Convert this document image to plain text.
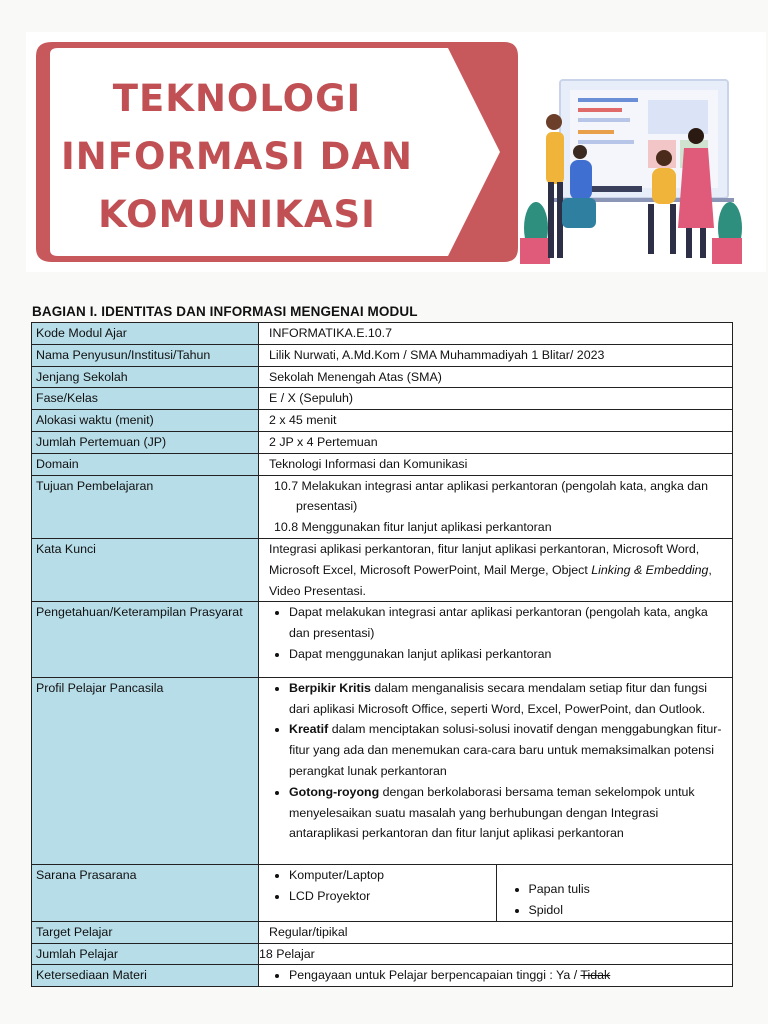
TEKNOLOGI
INFORMASI DAN
KOMUNIKASI
BAGIAN I. IDENTITAS DAN INFORMASI MENGENAI MODUL
Kode Modul Ajar	INFORMATIKA.E.10.7
Nama Penyusun/Institusi/Tahun	Lilik Nurwati, A.Md.Kom / SMA Muhammadiyah 1 Blitar/ 2023
Jenjang Sekolah	Sekolah Menengah Atas (SMA)
Fase/Kelas	E / X (Sepuluh)
Alokasi waktu (menit)	2 x 45 menit
Jumlah Pertemuan (JP)	2 JP x 4 Pertemuan
Domain	Teknologi Informasi dan Komunikasi
Tujuan Pembelajaran	10.7 Melakukan integrasi antar aplikasi perkantoran (pengolah kata, angka dan
presentasi)
10.8 Menggunakan fitur lanjut aplikasi perkantoran

Kata Kunci	Integrasi aplikasi perkantoran, fitur lanjut aplikasi perkantoran, Microsoft Word, Microsoft Excel, Microsoft PowerPoint, Mail Merge, Object Linking & Embedding, Video Presentasi.
Pengetahuan/Keterampilan Prasyarat	
•Dapat melakukan integrasi antar aplikasi perkantoran (pengolah kata, angka dan presentasi)
• Dapat menggunakan lanjut aplikasi perkantoran

Profil Pelajar Pancasila	
•Berpikir Kritis dalam menganalisis secara mendalam setiap fitur dan fungsi dari aplikasi Microsoft Office, seperti Word, Excel, PowerPoint, dan Outlook.
• Kreatif dalam menciptakan solusi-solusi inovatif dengan menggabungkan fitur-fitur yang ada dan menemukan cara-cara baru untuk memaksimalkan potensi perangkat lunak perkantoran
• Gotong-royong dengan berkolaborasi bersama teman sekelompok untuk menyelesaikan suatu masalah yang berhubungan dengan Integrasi antaraplikasi perkantoran dan fitur lanjut aplikasi perkantoran

Sarana Prasarana	
•	Komputer/Laptop
• LCD Proyektor

•Papan tulis
• Spidol

Target Pelajar	Regular/tipikal
Jumlah Pelajar	18 Pelajar
Ketersediaan Materi	
•Pengayaan untuk Pelajar berpencapaian tinggi : Ya / Tidak
